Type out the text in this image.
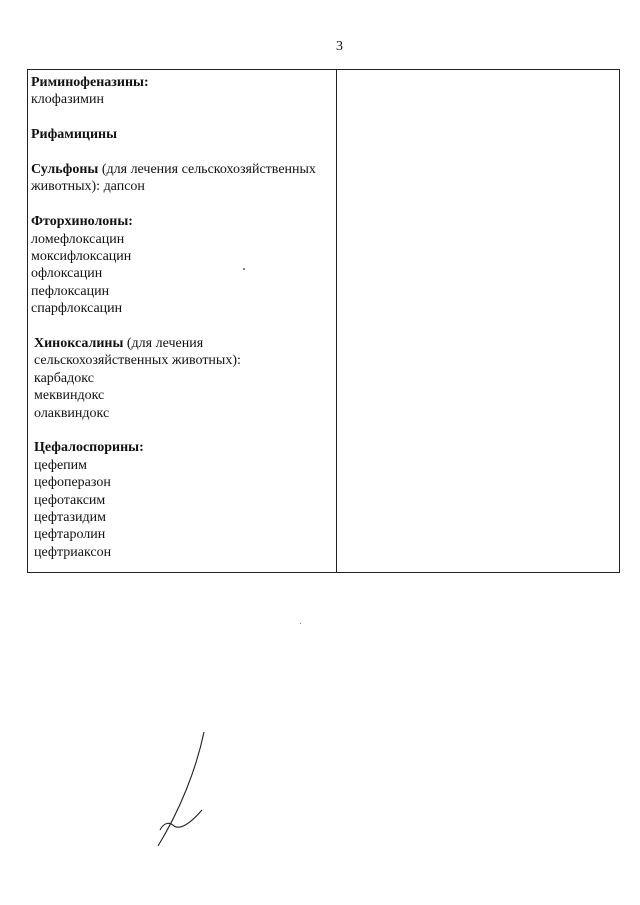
3
Риминофеназины:
клофазимин
Рифамицины
Сульфоны (для лечения сельскохозяйственных животных): дапсон
Фторхинолоны:
ломефлоксацин
моксифлоксацин
офлоксацин
пефлоксацин
спарфлоксацин
Хиноксалины (для лечения сельскохозяйственных животных):
карбадокс
меквиндокс
олаквиндокс
Цефалоспорины:
цефепим
цефоперазон
цефотаксим
цефтазидим
цефтаролин
цефтриаксон
